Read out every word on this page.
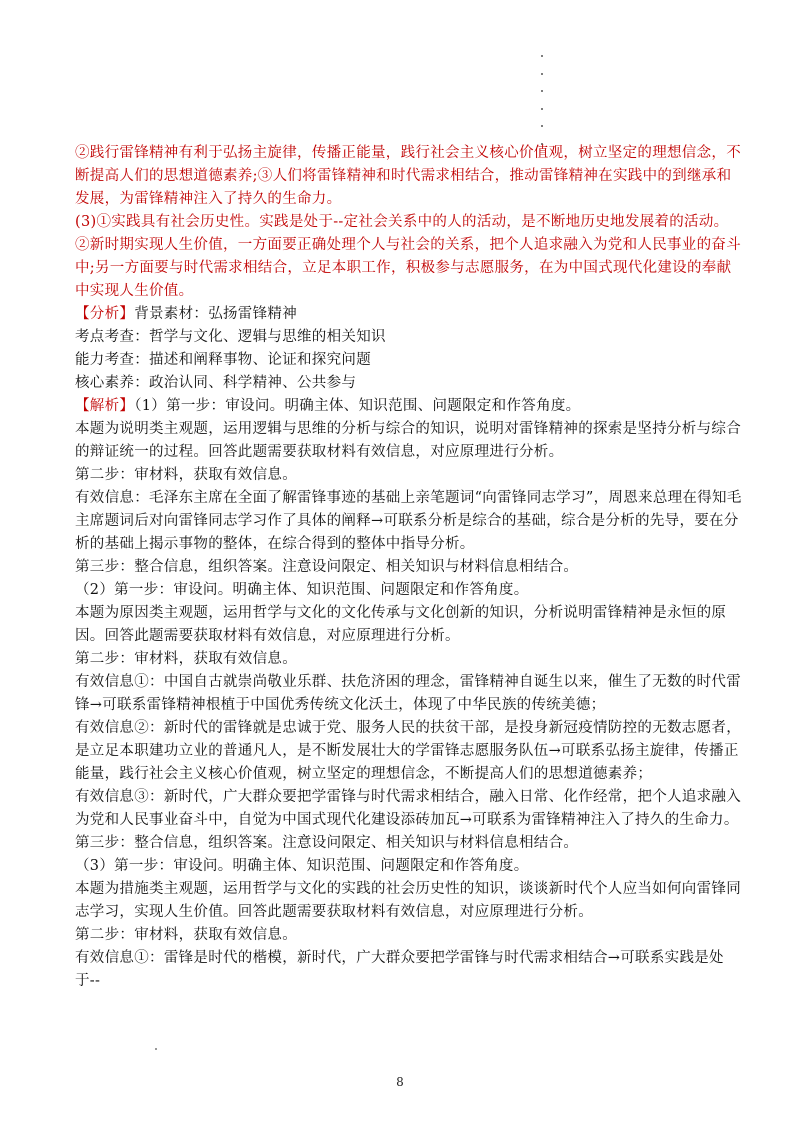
②践行雷锋精神有利于弘扬主旋律，传播正能量，践行社会主义核心价值观，树立坚定的理想信念，不断提高人们的思想道德素养;③人们将雷锋精神和时代需求相结合，推动雷锋精神在实践中的到继承和发展，为雷锋精神注入了持久的生命力。

(3)①实践具有社会历史性。实践是处于--定社会关系中的人的活动，是不断地历史地发展着的活动。②新时期实现人生价值，一方面要正确处理个人与社会的关系，把个人追求融入为党和人民事业的奋斗中;另一方面要与时代需求相结合，立足本职工作，积极参与志愿服务，在为中国式现代化建设的奉献中实现人生价值。

【分析】背景素材：弘扬雷锋精神

考点考查：哲学与文化、逻辑与思维的相关知识

能力考查：描述和阐释事物、论证和探究问题

核心素养：政治认同、科学精神、公共参与

【解析】（1）第一步：审设问。明确主体、知识范围、问题限定和作答角度。

本题为说明类主观题，运用逻辑与思维的分析与综合的知识，说明对雷锋精神的探索是坚持分析与综合的辩证统一的过程。回答此题需要获取材料有效信息，对应原理进行分析。

第二步：审材料，获取有效信息。

有效信息：毛泽东主席在全面了解雷锋事迹的基础上亲笔题词“向雷锋同志学习”，周恩来总理在得知毛主席题词后对向雷锋同志学习作了具体的阐释→可联系分析是综合的基础，综合是分析的先导，要在分析的基础上揭示事物的整体，在综合得到的整体中指导分析。

第三步：整合信息，组织答案。注意设问限定、相关知识与材料信息相结合。

（2）第一步：审设问。明确主体、知识范围、问题限定和作答角度。

本题为原因类主观题，运用哲学与文化的文化传承与文化创新的知识，分析说明雷锋精神是永恒的原因。回答此题需要获取材料有效信息，对应原理进行分析。

第二步：审材料，获取有效信息。

有效信息①：中国自古就崇尚敬业乐群、扶危济困的理念，雷锋精神自诞生以来，催生了无数的时代雷锋→可联系雷锋精神根植于中国优秀传统文化沃土，体现了中华民族的传统美德；

有效信息②：新时代的雷锋就是忠诚于党、服务人民的扶贫干部，是投身新冠疫情防控的无数志愿者，是立足本职建功立业的普通凡人，是不断发展壮大的学雷锋志愿服务队伍→可联系弘扬主旋律，传播正能量，践行社会主义核心价值观，树立坚定的理想信念，不断提高人们的思想道德素养；

有效信息③：新时代，广大群众要把学雷锋与时代需求相结合，融入日常、化作经常，把个人追求融入为党和人民事业奋斗中，自觉为中国式现代化建设添砖加瓦→可联系为雷锋精神注入了持久的生命力。

第三步：整合信息，组织答案。注意设问限定、相关知识与材料信息相结合。

（3）第一步：审设问。明确主体、知识范围、问题限定和作答角度。

本题为措施类主观题，运用哲学与文化的实践的社会历史性的知识，谈谈新时代个人应当如何向雷锋同志学习，实现人生价值。回答此题需要获取材料有效信息，对应原理进行分析。

第二步：审材料，获取有效信息。

有效信息①：雷锋是时代的楷模，新时代，广大群众要把学雷锋与时代需求相结合→可联系实践是处于--

8
